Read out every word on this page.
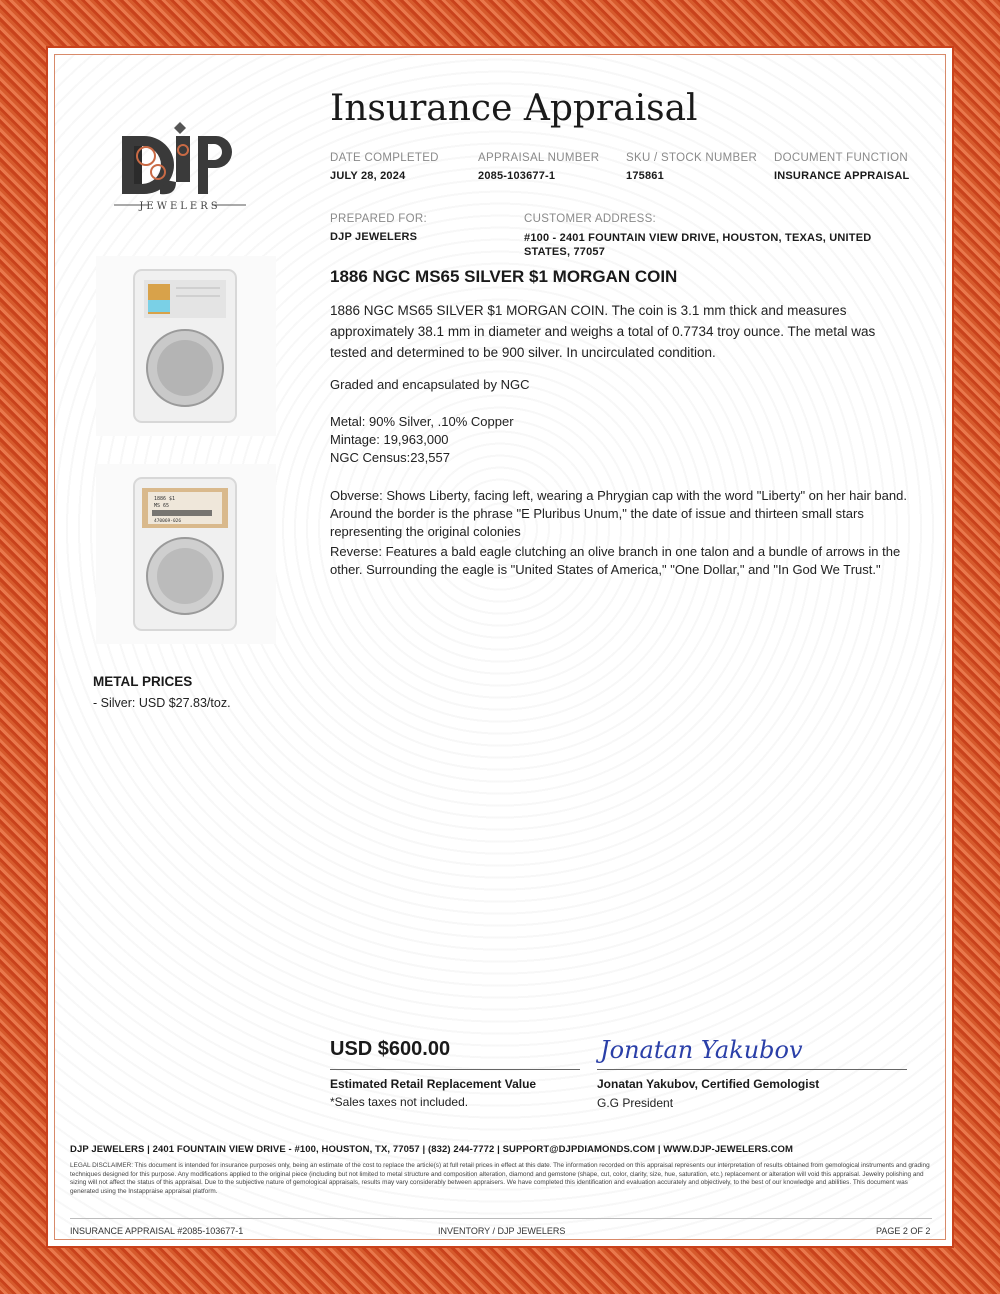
JEWELERS
Insurance Appraisal
DATE COMPLETED
JULY 28, 2024
APPRAISAL NUMBER
2085-103677-1
SKU / STOCK NUMBER
175861
DOCUMENT FUNCTION
INSURANCE APPRAISAL
PREPARED FOR:
DJP JEWELERS
CUSTOMER ADDRESS:
#100 - 2401 FOUNTAIN VIEW DRIVE, HOUSTON, TEXAS, UNITED STATES, 77057
1886 NGC MS65 SILVER $1 MORGAN COIN

1886 NGC MS65 SILVER $1 MORGAN COIN. The coin is 3.1 mm thick and measures approximately 38.1 mm in diameter and weighs a total of 0.7734 troy ounce. The metal was tested and determined to be 900 silver. In uncirculated condition.

Graded and encapsulated by NGC
Metal: 90% Silver, .10% Copper
Mintage: 19,963,000
NGC Census:23,557
Obverse: Shows Liberty, facing left, wearing a Phrygian cap with the word "Liberty" on her hair band. Around the border is the phrase "E Pluribus Unum," the date of issue and thirteen small stars representing the original colonies
Reverse: Features a bald eagle clutching an olive branch in one talon and a bundle of arrows in the other. Surrounding the eagle is "United States of America," "One Dollar," and "In God We Trust."
1886 $1
MS 65
470069-026
METAL PRICES
- Silver: USD $27.83/toz.
USD $600.00
Estimated Retail Replacement Value
*Sales taxes not included.
Jonatan Yakubov
Jonatan Yakubov, Certified Gemologist
G.G President
DJP JEWELERS | 2401 FOUNTAIN VIEW DRIVE - #100, HOUSTON, TX, 77057 | (832) 244-7772 | SUPPORT@DJPDIAMONDS.COM | WWW.DJP-JEWELERS.COM
LEGAL DISCLAIMER: This document is intended for insurance purposes only, being an estimate of the cost to replace the article(s) at full retail prices in effect at this date. The information recorded on this appraisal represents our interpretation of results obtained from gemological instruments and grading techniques designed for this purpose. Any modifications applied to the original piece (including but not limited to metal structure and composition alteration, diamond and gemstone (shape, cut, color, clarity, size, hue, saturation, etc.) replacement or alteration will void this appraisal. Jewelry polishing and sizing will not affect the status of this appraisal. Due to the subjective nature of gemological appraisals, results may vary considerably between appraisers. We have completed this identification and evaluation accurately and objectively, to the best of our knowledge and abilities. This document was generated using the Instappraise appraisal platform.
INSURANCE APPRAISAL #2085-103677-1	INVENTORY / DJP JEWELERS	PAGE 2 OF 2
